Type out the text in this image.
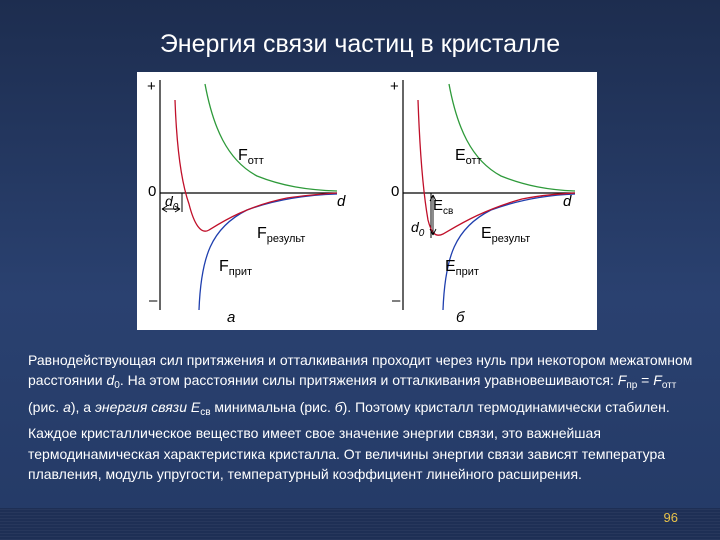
Энергия связи частиц в кристалле
+
–
0
$d_0$	d
$F_{отт}$
$F_{результ}$
$F_{прит}$
а
+
–
0
$d_0$
d
$E_{отт}$
$E_{св}$
$E_{результ}$
$E_{прит}$
б

Равнодействующая сил притяжения и отталкивания проходит через нуль при некотором межатомном расстоянии $d_0$. На этом расстоянии силы притяжения и отталкивания уравновешиваются: $F_{пр} = F_{отт}$ (рис. а), а энергия связи $Е_{св}$ минимальна (рис. б). Поэтому кристалл термодинамически стабилен.

Каждое кристаллическое вещество имеет свое значение энергии связи, это важнейшая термодинамическая характеристика кристалла. От величины энергии связи зависят температура плавления, модуль упругости, температурный коэффициент линейного расширения.

96
